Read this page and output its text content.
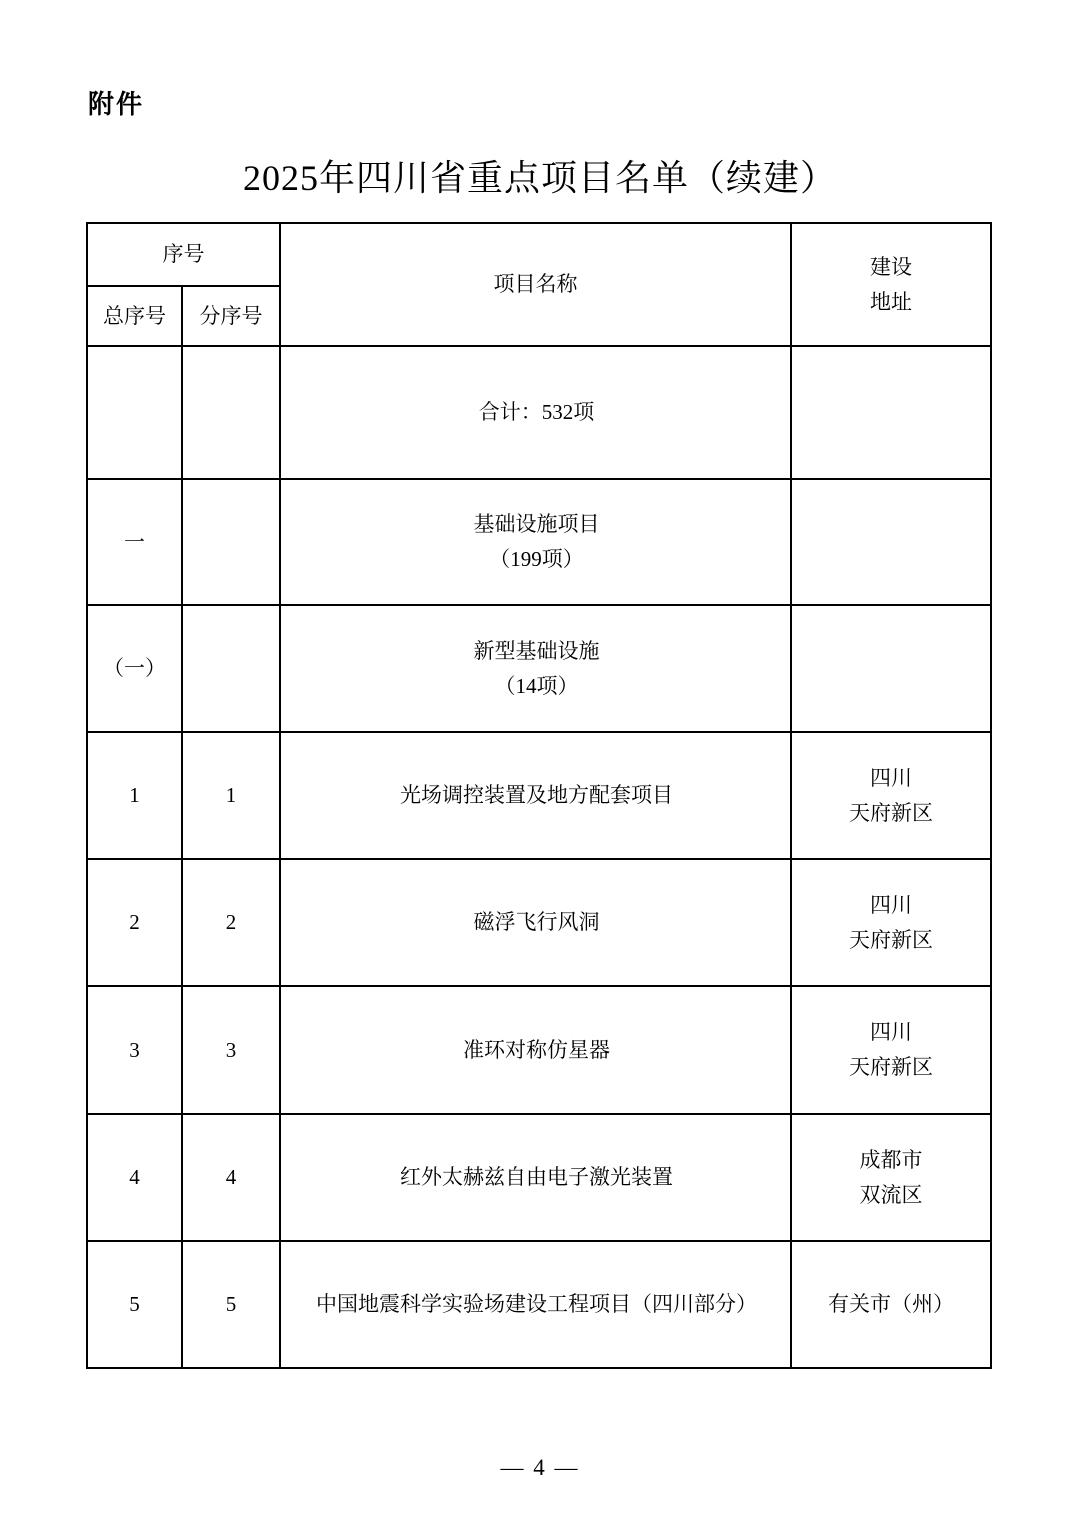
附件
2025年四川省重点项目名单（续建）
序号		项目名称	建设
地址

总序号	分序号		

		合计：532项	

一		基础设施项目
（199项）	

（一）		新型基础设施
（14项）	

1	1	光场调控装置及地方配套项目	四川
天府新区

2	2	磁浮飞行风洞	四川
天府新区

3	3	准环对称仿星器	四川
天府新区

4	4	红外太赫兹自由电子激光装置	成都市
双流区

5	5	中国地震科学实验场建设工程项目（四川部分）	有关市（州）
— 4 —
